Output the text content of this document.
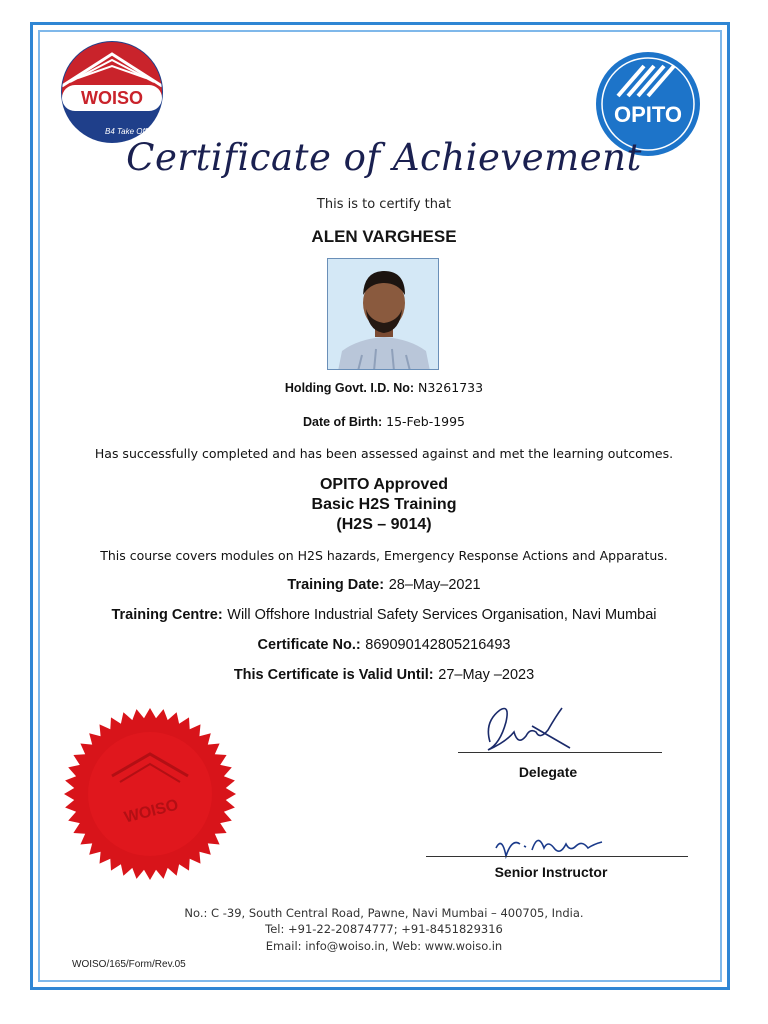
WOISO
B4 Take Off
OPITO
Certificate of Achievement
This is to certify that
ALEN VARGHESE
Holding Govt. I.D. No: N3261733
Date of Birth: 15-Feb-1995
Has successfully completed and has been assessed against and met the learning outcomes.
OPITO Approved
Basic H2S Training
(H2S – 9014)
This course covers modules on H2S hazards, Emergency Response Actions and Apparatus.
Training Date: 28–May–2021
Training Centre: Will Offshore Industrial Safety Services Organisation, Navi Mumbai
Certificate No.: 869090142805216493
This Certificate is Valid Until: 27–May –2023
WOISO
Delegate
Senior Instructor
No.: C -39, South Central Road, Pawne, Navi Mumbai – 400705, India.
Tel: +91-22-20874777; +91-8451829316
Email: info@woiso.in, Web: www.woiso.in
WOISO/165/Form/Rev.05
